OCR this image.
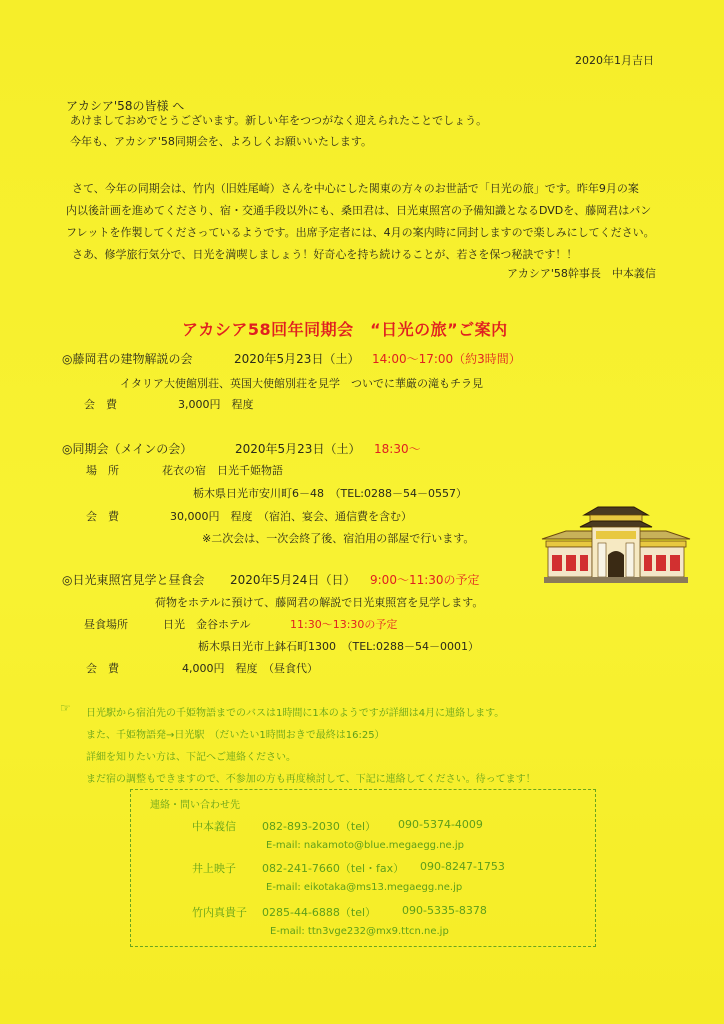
2020年1月吉日
アカシア'58の皆様 へ
あけましておめでとうございます。新しい年をつつがなく迎えられたことでしょう。
今年も、アカシア'58同期会を、よろしくお願いいたします。
さて、今年の同期会は、竹内（旧姓尾崎）さんを中心にした関東の方々のお世話で「日光の旅」です。昨年9月の案
内以後計画を進めてくださり、宿・交通手段以外にも、桑田君は、日光東照宮の予備知識となるDVDを、藤岡君はパン
フレットを作製してくださっているようです。出席予定者には、4月の案内時に同封しますので楽しみにしてください。
さあ、修学旅行気分で、日光を満喫しましょう！好奇心を持ち続けることが、若さを保つ秘訣です！！
アカシア'58幹事長　中本義信
アカシア58回年同期会　“日光の旅”ご案内
◎藤岡君の建物解説の会	2020年5月23日（土） 14:00～17:00（約3時間）
イタリア大使館別荘、英国大使館別荘を見学　ついでに華厳の滝もチラ見
会　費	3,000円　程度
◎同期会（メインの会）	2020年5月23日（土） 18:30～
場　所	花衣の宿　日光千姫物語
栃木県日光市安川町6－48　（TEL:0288－54－0557）
会　費	30,000円　程度　（宿泊、宴会、通信費を含む）
※二次会は、一次会終了後、宿泊用の部屋で行います。
◎日光東照宮見学と昼食会 2020年5月24日（日） 9:00～11:30の予定
荷物をホテルに預けて、藤岡君の解説で日光東照宮を見学します。
昼食場所	日光　金谷ホテル	11:30～13:30の予定
栃木県日光市上鉢石町1300　（TEL:0288－54－0001）
会　費	4,000円　程度　（昼食代）
☞ 日光駅から宿泊先の千姫物語までのバスは1時間に1本のようですが詳細は4月に連絡します。
また、千姫物語発→日光駅　（だいたい1時間おきで最終は16:25）
詳細を知りたい方は、下記へご連絡ください。
まだ宿の調整もできますので、不参加の方も再度検討して、下記に連絡してください。待ってます！
連絡・問い合わせ先
中本義信 082-893-2030（tel） 090-5374-4009
E-mail: nakamoto@blue.megaegg.ne.jp
井上映子 082-241-7660（tel・fax） 090-8247-1753
E-mail: eikotaka@ms13.megaegg.ne.jp
竹内真貴子 0285-44-6888（tel） 090-5335-8378
E-mail: ttn3vge232@mx9.ttcn.ne.jp
